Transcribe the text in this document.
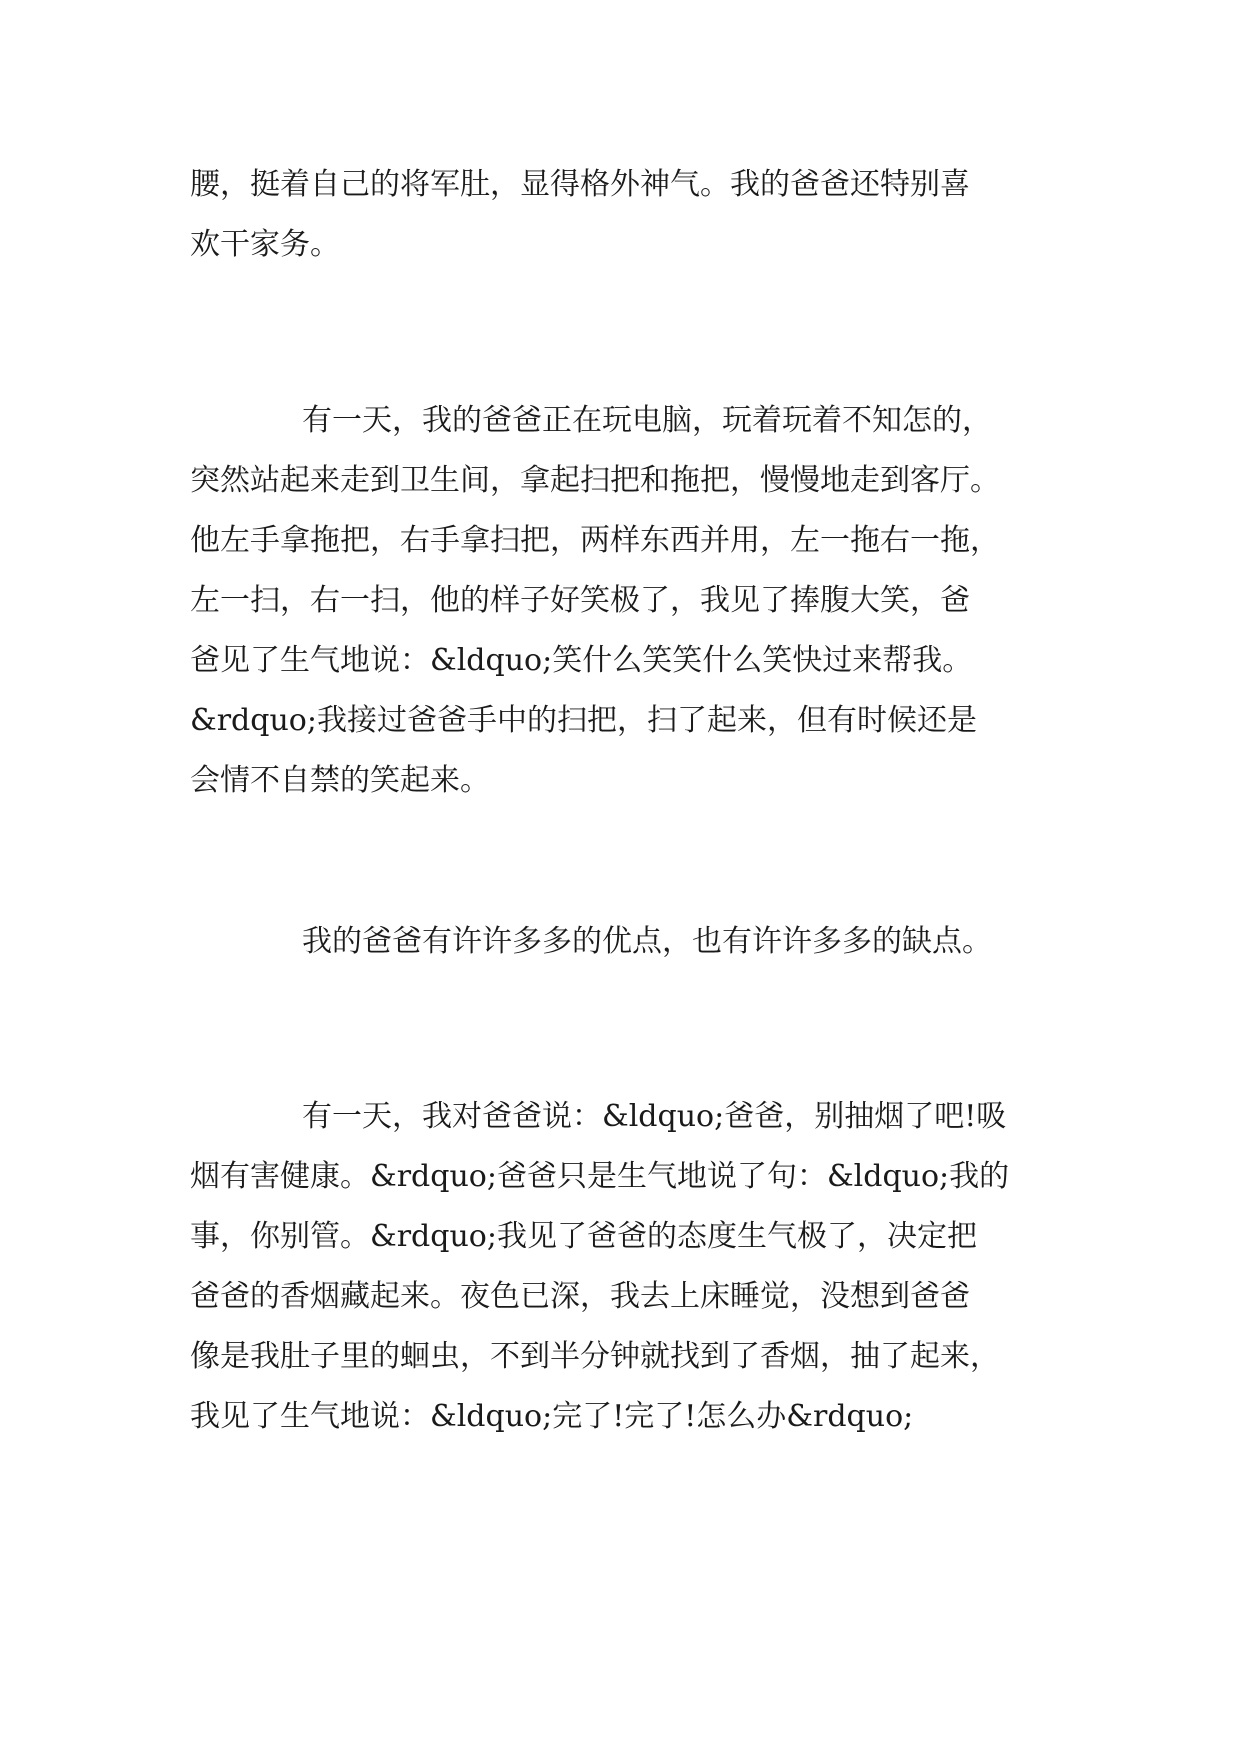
腰，挺着自己的将军肚，显得格外神气。我的爸爸还特别喜
欢干家务。
有一天，我的爸爸正在玩电脑，玩着玩着不知怎的，
突然站起来走到卫生间，拿起扫把和拖把，慢慢地走到客厅。
他左手拿拖把，右手拿扫把，两样东西并用，左一拖右一拖，
左一扫，右一扫，他的样子好笑极了，我见了捧腹大笑，爸
爸见了生气地说：&ldquo;笑什么笑笑什么笑快过来帮我。
&rdquo;我接过爸爸手中的扫把，扫了起来，但有时候还是
会情不自禁的笑起来。
我的爸爸有许许多多的优点，也有许许多多的缺点。
有一天，我对爸爸说：&ldquo;爸爸，别抽烟了吧!吸
烟有害健康。&rdquo;爸爸只是生气地说了句：&ldquo;我的
事，你别管。&rdquo;我见了爸爸的态度生气极了，决定把
爸爸的香烟藏起来。夜色已深，我去上床睡觉，没想到爸爸
像是我肚子里的蛔虫，不到半分钟就找到了香烟，抽了起来，
我见了生气地说：&ldquo;完了!完了!怎么办&rdquo;
